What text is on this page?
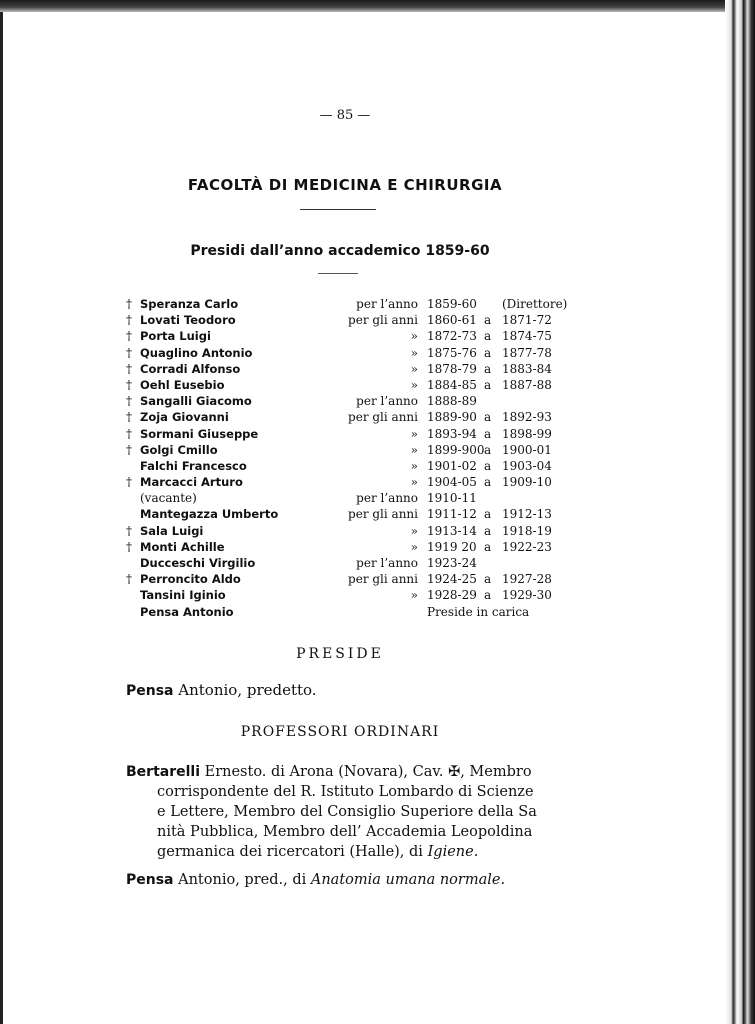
— 85 —
FACOLTÀ DI MEDICINA E CHIRURGIA
Presidi dall’anno accademico 1859-60
† Speranza Carlo	per l’anno 1859-60 (Direttore)
† Lovati Teodoro	per gli anni 1860-61 a 1871-72
† Porta Luigi	» 1872-73 a 1874-75
† Quaglino Antonio	» 1875-76 a 1877-78
† Corradi Alfonso	» 1878-79 a 1883-84
† Oehl Eusebio	» 1884-85 a 1887-88
† Sangalli Giacomo	per l’anno 1888-89
† Zoja Giovanni	per gli anni 1889-90 a 1892-93
† Sormani Giuseppe	» 1893-94 a 1898-99
† Golgi Cmillo	» 1899-900 a 1900-01
Falchi Francesco	» 1901-02 a 1903-04
† Marcacci Arturo	» 1904-05 a 1909-10
(vacante)	per l’anno 1910-11
Mantegazza Umberto	per gli anni 1911-12 a 1912-13
† Sala Luigi	» 1913-14 a 1918-19
† Monti Achille	» 1919 20 a 1922-23
Ducceschi Virgilio	per l’anno 1923-24
† Perroncito Aldo	per gli anni 1924-25 a 1927-28
Tansini Iginio	» 1928-29 a 1929-30
Pensa Antonio	Preside in carica
PRESIDE
Pensa Antonio, predetto.
PROFESSORI ORDINARI
Bertarelli Ernesto. di Arona (Novara), Cav. ✠, Membro
corrispondente del R. Istituto Lombardo di Scienze
e Lettere, Membro del Consiglio Superiore della Sa
nità Pubblica, Membro dell’ Accademia Leopoldina
germanica dei ricercatori (Halle), di Igiene.
Pensa Antonio, pred., di Anatomia umana normale.
